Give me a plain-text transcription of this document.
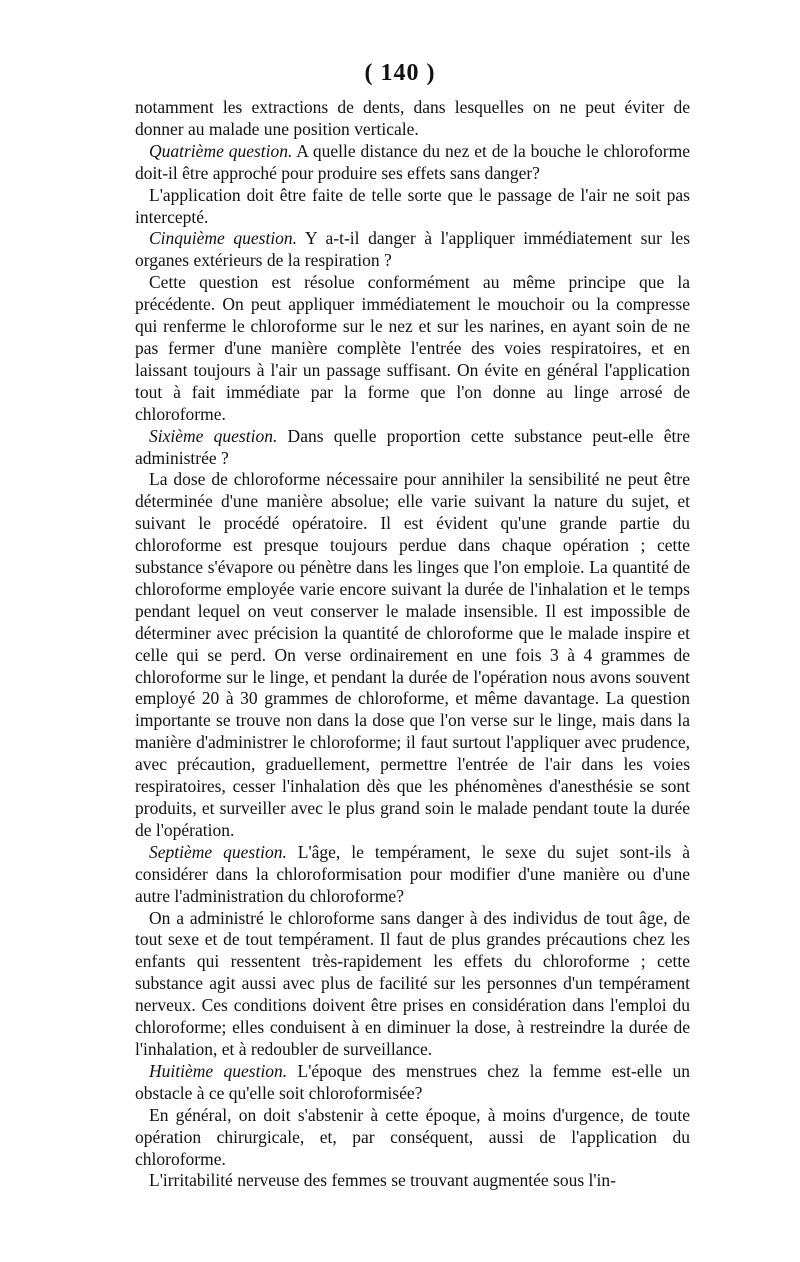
( 140 )

notamment les extractions de dents, dans lesquelles on ne peut éviter de donner au malade une position verticale.

Quatrième question. A quelle distance du nez et de la bouche le chloroforme doit-il être approché pour produire ses effets sans danger?

L'application doit être faite de telle sorte que le passage de l'air ne soit pas intercepté.

Cinquième question. Y a-t-il danger à l'appliquer immédiatement sur les organes extérieurs de la respiration ?

Cette question est résolue conformément au même principe que la précédente. On peut appliquer immédiatement le mouchoir ou la compresse qui renferme le chloroforme sur le nez et sur les narines, en ayant soin de ne pas fermer d'une manière complète l'entrée des voies respiratoires, et en laissant toujours à l'air un passage suffisant. On évite en général l'application tout à fait immédiate par la forme que l'on donne au linge arrosé de chloroforme.

Sixième question. Dans quelle proportion cette substance peut-elle être administrée ?

La dose de chloroforme nécessaire pour annihiler la sensibilité ne peut être déterminée d'une manière absolue; elle varie suivant la nature du sujet, et suivant le procédé opératoire. Il est évident qu'une grande partie du chloroforme est presque toujours perdue dans chaque opération ; cette substance s'évapore ou pénètre dans les linges que l'on emploie. La quantité de chloroforme employée varie encore suivant la durée de l'inhalation et le temps pendant lequel on veut conserver le malade insensible. Il est impossible de déterminer avec précision la quantité de chloroforme que le malade inspire et celle qui se perd. On verse ordinairement en une fois 3 à 4 grammes de chloroforme sur le linge, et pendant la durée de l'opération nous avons souvent employé 20 à 30 grammes de chloroforme, et même davantage. La question importante se trouve non dans la dose que l'on verse sur le linge, mais dans la manière d'administrer le chloroforme; il faut surtout l'appliquer avec prudence, avec précaution, graduellement, permettre l'entrée de l'air dans les voies respiratoires, cesser l'inhalation dès que les phénomènes d'anesthésie se sont produits, et surveiller avec le plus grand soin le malade pendant toute la durée de l'opération.

Septième question. L'âge, le tempérament, le sexe du sujet sont-ils à considérer dans la chloroformisation pour modifier d'une manière ou d'une autre l'administration du chloroforme?

On a administré le chloroforme sans danger à des individus de tout âge, de tout sexe et de tout tempérament. Il faut de plus grandes précautions chez les enfants qui ressentent très-rapidement les effets du chloroforme ; cette substance agit aussi avec plus de facilité sur les personnes d'un tempérament nerveux. Ces conditions doivent être prises en considération dans l'emploi du chloroforme; elles conduisent à en diminuer la dose, à restreindre la durée de l'inhalation, et à redoubler de surveillance.

Huitième question. L'époque des menstrues chez la femme est-elle un obstacle à ce qu'elle soit chloroformisée?

En général, on doit s'abstenir à cette époque, à moins d'urgence, de toute opération chirurgicale, et, par conséquent, aussi de l'application du chloroforme.

L'irritabilité nerveuse des femmes se trouvant augmentée sous l'in-
